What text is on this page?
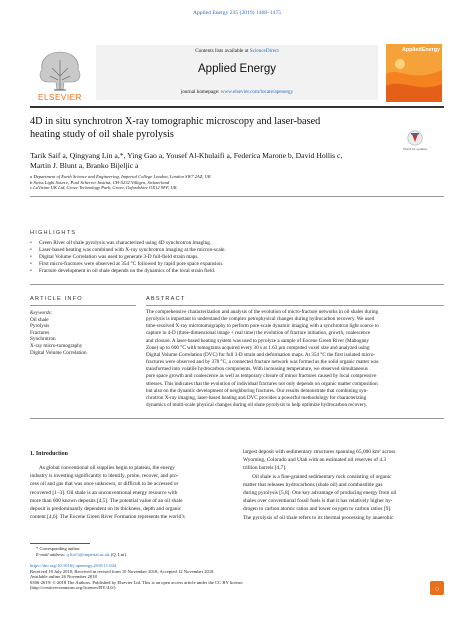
Applied Energy 235 (2019) 1468–1475
ELSEVIER
Contents lists available at ScienceDirect
Applied Energy
journal homepage: www.elsevier.com/locate/apenergy
AppliedEnergy
4D in situ synchrotron X-ray tomographic microscopy and laser-based
heating study of oil shale pyrolysis
Check for updates
Tarik Saif a, Qingyang Lin a,*, Ying Gao a, Yousef Al-Khulaifi a, Federica Marone b, David Hollis c,
Martin J. Blunt a, Branko Bijeljic a
a Department of Earth Science and Engineering, Imperial College London, London SW7 2AZ, UK
b Swiss Light Source, Paul Scherrer Institut, CH-5232 Villigen, Switzerland
c LaVision UK Ltd, Grove Technology Park, Grove, Oxfordshire OX12 9FF, UK
HIGHLIGHTS
•	Green River oil shale pyrolysis was characterized using 4D synchrotron imaging.
•	Laser-based heating was combined with X-ray synchrotron imaging at the micron-scale.
•	Digital Volume Correlation was used to generate 3-D full-field strain maps.
•	First micro-fractures were observed at 354 °C followed by rapid pore space expansion.
•	Fracture development in oil shale depends on the dynamics of the local strain field.
ARTICLE INFO
Keywords:
Oil shale
Pyrolysis
Fractures
Synchrotron
X-ray micro-tomography
Digital Volume Correlation
ABSTRACT
The comprehensive characterization and analysis of the evolution of micro-fracture networks in oil shales during
pyrolysis is important to understand the complex petrophysical changes during hydrocarbon recovery. We used
time-resolved X-ray microtomography to perform pore-scale dynamic imaging with a synchrotron light source to
capture in 4-D (three-dimensional image + real time) the evolution of fracture initiation, growth, coalescence
and closure. A laser-based heating system was used to pyrolyze a sample of Eocene Green River (Mahogany
Zone) up to 600 °C with tomograms acquired every 30 s at 1.63 μm computed voxel size and analyzed using
Digital Volume Correlation (DVC) for full 3-D strain and deformation maps. At 354 °C the first isolated micro-
fractures were observed and by 378 °C, a connected fracture network was formed as the solid organic matter was
transformed into volatile hydrocarbon components. With increasing temperature, we observed simultaneous
pore space growth and coalescence as well as temporary closure of minor fractures caused by local compressive
stresses. This indicates that the evolution of individual fractures not only depends on organic matter composition
but also on the dynamic development of neighboring fractures. Our results demonstrate that combining syn-
chrotron X-ray imaging, laser-based heating and DVC provides a powerful methodology for characterizing
dynamics of multi-scale physical changes during oil shale pyrolysis to help optimize hydrocarbon recovery.
1. Introduction
As global conventional oil supplies begin to plateau, the energy
industry is investing significantly to identify, probe, recover, and pro-
cess oil and gas that was once unknown, or difficult to be accessed or
recovered [1–3]. Oil shale is an unconventional energy resource with
more than 600 known deposits [4,5]. The potential value of an oil shale
deposit is predominantly dependent on its thickness, depth and organic
content [4,6]. The Eocene Green River Formation represents the world’s
largest deposit with sedimentary structures spanning 65,000 km² across
Wyoming, Colorado and Utah with an estimated oil reserves of 4.3
trillion barrels [4,7].
Oil shale is a fine-grained sedimentary rock consisting of organic
matter that releases hydrocarbons (shale oil) and combustible gas
during pyrolysis [5,8]. One key advantage of producing energy from oil
shales over conventional fossil fuels is that it has relatively higher hy-
drogen to carbon atomic ratios and lower oxygen to carbon ratios [9].
The pyrolysis of oil shale refers to its thermal processing by anaerobic
* Corresponding author.
E-mail address: q.lin11@imperial.ac.uk (Q. Lin).
https://doi.org/10.1016/j.apenergy.2018.11.044
Received 18 July 2018; Received in revised form 10 November 2018; Accepted 12 November 2018
Available online 26 November 2018
0306-2619/ © 2018 The Authors. Published by Elsevier Ltd. This is an open access article under the CC BY license
(http://creativecommons.org/licenses/BY/4.0/).	○
